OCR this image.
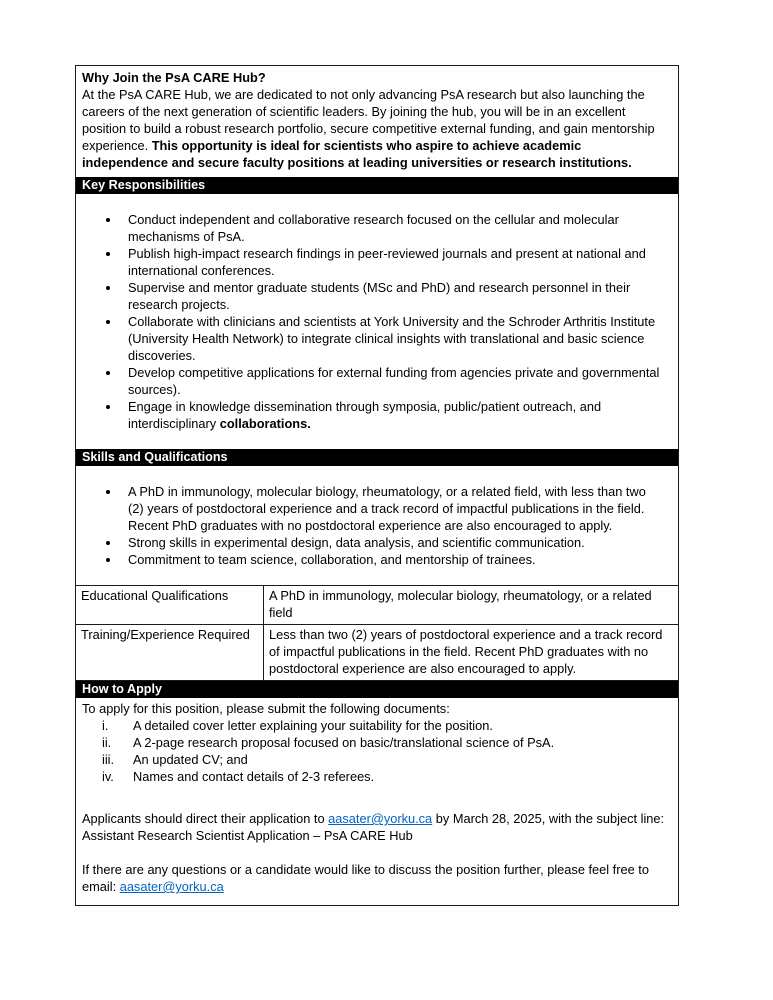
Why Join the PsA CARE Hub?

At the PsA CARE Hub, we are dedicated to not only advancing PsA research but also launching the careers of the next generation of scientific leaders. By joining the hub, you will be in an excellent position to build a robust research portfolio, secure competitive external funding, and gain mentorship experience. This opportunity is ideal for scientists who aspire to achieve academic independence and secure faculty positions at leading universities or research institutions.

Key Responsibilities
• Conduct independent and collaborative research focused on the cellular and molecular mechanisms of PsA.
• Publish high-impact research findings in peer-reviewed journals and present at national and international conferences.
• Supervise and mentor graduate students (MSc and PhD) and research personnel in their research projects.
• Collaborate with clinicians and scientists at York University and the Schroder Arthritis Institute (University Health Network) to integrate clinical insights with translational and basic science discoveries.
• Develop competitive applications for external funding from agencies private and governmental sources).
• Engage in knowledge dissemination through symposia, public/patient outreach, and interdisciplinary collaborations.
Skills and Qualifications
• A PhD in immunology, molecular biology, rheumatology, or a related field, with less than two (2) years of postdoctoral experience and a track record of impactful publications in the field. Recent PhD graduates with no postdoctoral experience are also encouraged to apply.
• Strong skills in experimental design, data analysis, and scientific communication.
• Commitment to team science, collaboration, and mentorship of trainees.
Educational Qualifications	A PhD in immunology, molecular biology, rheumatology, or a related field
Training/Experience Required	Less than two (2) years of postdoctoral experience and a track record of impactful publications in the field. Recent PhD graduates with no postdoctoral experience are also encouraged to apply.
How to Apply

To apply for this position, please submit the following documents:

i.	A detailed cover letter explaining your suitability for the position.
ii.	A 2-page research proposal focused on basic/translational science of PsA.
iii.	An updated CV; and
iv.	Names and contact details of 2-3 referees.

Applicants should direct their application to aasater@yorku.ca by March 28, 2025, with the subject line: Assistant Research Scientist Application – PsA CARE Hub

If there are any questions or a candidate would like to discuss the position further, please feel free to email: aasater@yorku.ca
